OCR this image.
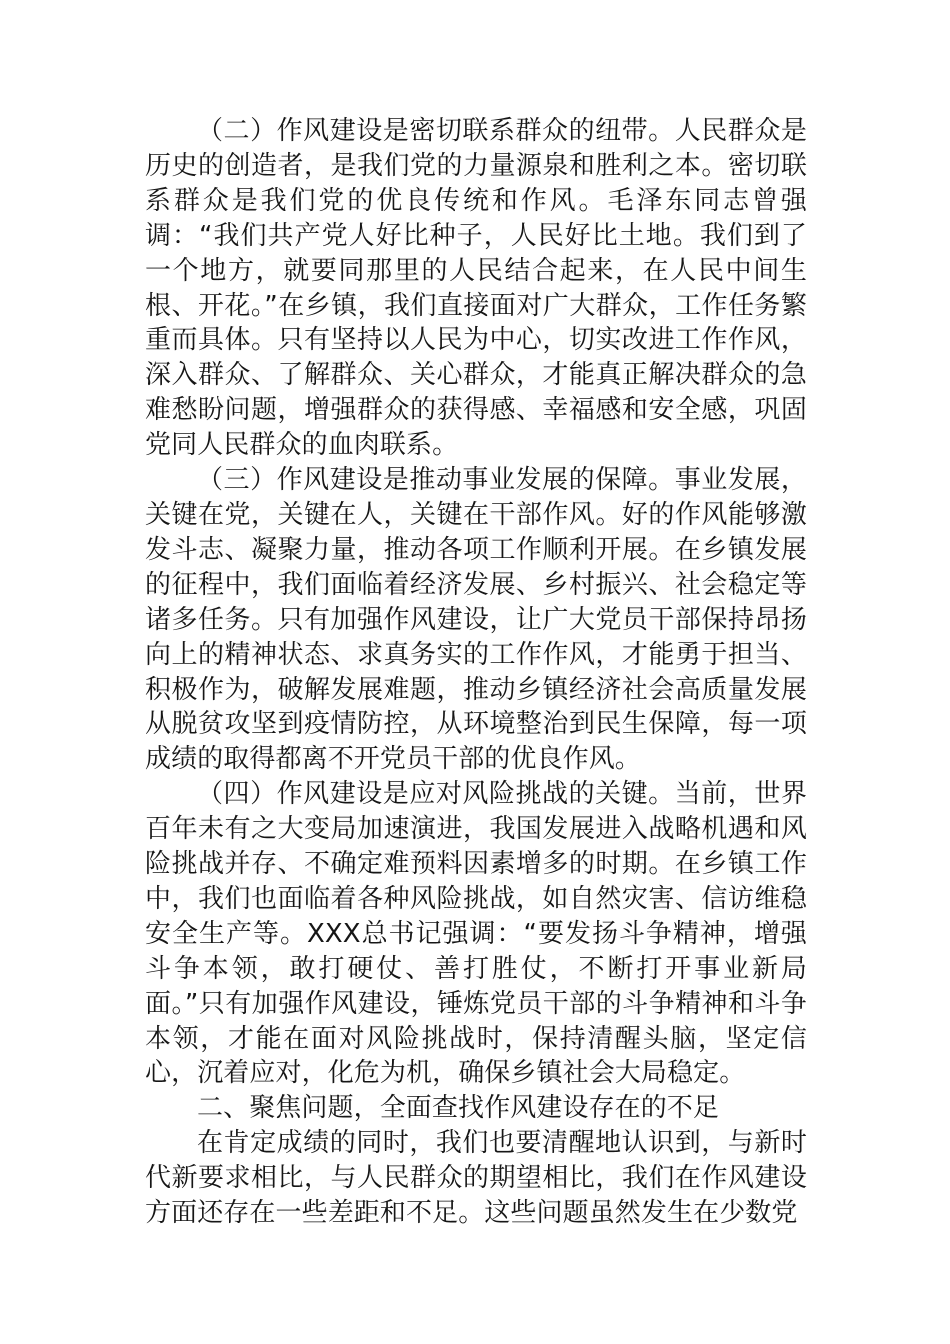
（二）作风建设是密切联系群众的纽带。人民群众是历史的创造者，是我们党的力量源泉和胜利之本。密切联系群众是我们党的优良传统和作风。毛泽东同志曾强调：“我们共产党人好比种子，人民好比土地。我们到了一个地方，就要同那里的人民结合起来，在人民中间生根、开花。”在乡镇，我们直接面对广大群众，工作任务繁重而具体。只有坚持以人民为中心，切实改进工作作风，深入群众、了解群众、关心群众，才能真正解决群众的急难愁盼问题，增强群众的获得感、幸福感和安全感，巩固党同人民群众的血肉联系。

（三）作风建设是推动事业发展的保障。事业发展，关键在党，关键在人，关键在干部作风。好的作风能够激发斗志、凝聚力量，推动各项工作顺利开展。在乡镇发展的征程中，我们面临着经济发展、乡村振兴、社会稳定等诸多任务。只有加强作风建设，让广大党员干部保持昂扬向上的精神状态、求真务实的工作作风，才能勇于担当、积极作为，破解发展难题，推动乡镇经济社会高质量发展从脱贫攻坚到疫情防控，从环境整治到民生保障，每一项成绩的取得都离不开党员干部的优良作风。

（四）作风建设是应对风险挑战的关键。当前，世界百年未有之大变局加速演进，我国发展进入战略机遇和风险挑战并存、不确定难预料因素增多的时期。在乡镇工作中，我们也面临着各种风险挑战，如自然灾害、信访维稳安全生产等。XXX总书记强调：“要发扬斗争精神，增强斗争本领，敢打硬仗、善打胜仗，不断打开事业新局面。”只有加强作风建设，锤炼党员干部的斗争精神和斗争本领，才能在面对风险挑战时，保持清醒头脑，坚定信心，沉着应对，化危为机，确保乡镇社会大局稳定。

二、聚焦问题，全面查找作风建设存在的不足

在肯定成绩的同时，我们也要清醒地认识到，与新时代新要求相比，与人民群众的期望相比，我们在作风建设方面还存在一些差距和不足。这些问题虽然发生在少数党
